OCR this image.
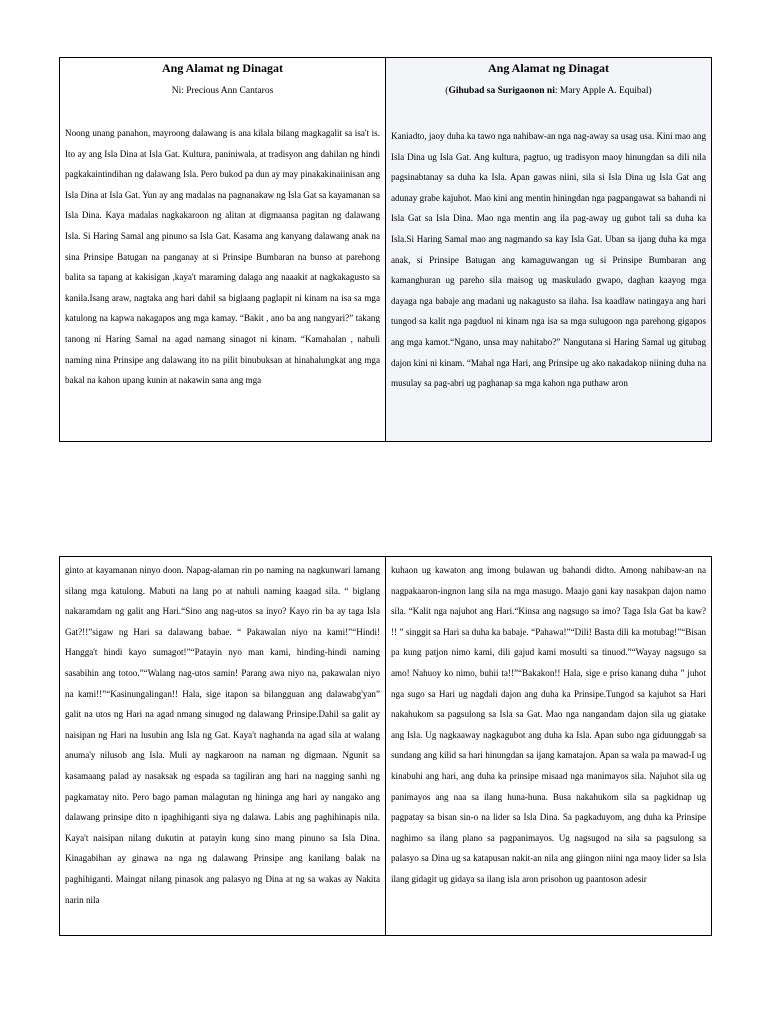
Ang Alamat ng Dinagat
Ni: Precious Ann Cantaros

Noong unang panahon, mayroong dalawang is ana kilala bilang magkagalit sa isa't is. Ito ay ang Isla Dina at Isla Gat. Kultura, paniniwala, at tradisyon ang dahilan ng hindi pagkakaintindihan ng dalawang Isla. Pero bukod pa dun ay may pinakakinaiinisan ang Isla Dina at Isla Gat. Yun ay ang madalas na pagnanakaw ng Isla Gat sa kayamanan sa Isla Dina. Kaya madalas nagkakaroon ng alitan at digmaansa pagitan ng dalawang Isla. Si Haring Samal ang pinuno sa Isla Gat. Kasama ang kanyang dalawang anak na sina Prinsipe Batugan na panganay at si Prinsipe Bumbaran na bunso at parehong balita sa tapang at kakisigan ,kaya't maraming dalaga ang naaakit at nagkakagusto sa kanila.Isang araw, nagtaka ang hari dahil sa biglaang paglapit ni kinam na isa sa mga katulong na kapwa nakagapos ang mga kamay. “Bakit , ano ba ang nangyari?” takang tanong ni Haring Samal na agad namang sinagot ni kinam. “Kamahalan , nahuli naming nina Prinsipe ang dalawang ito na pilit binubuksan at hinahalungkat ang mga bakal na kahon upang kunin at nakawin sana ang mga

Ang Alamat ng Dinagat
(Gihubad sa Surigaonon ni: Mary Apple A. Equibal)

Kaniadto, jaoy duha ka tawo nga nahibaw-an nga nag-away sa usag usa. Kini mao ang Isla Dina ug Isla Gat. Ang kultura, pagtuo, ug tradisyon maoy hinungdan sa dili nila pagsinabtanay sa duha ka Isla. Apan gawas niini, sila si Isla Dina ug Isla Gat ang adunay grabe kajuhot. Mao kini ang mentin hiningdan nga pagpangawat sa bahandi ni Isla Gat sa Isla Dina. Mao nga mentin ang ila pag-away ug gubot tali sa duha ka Isla.Si Haring Samal mao ang nagmando sa kay Isla Gat. Uban sa ijang duha ka mga anak, si Prinsipe Batugan ang kamaguwangan ug si Prinsipe Bumbaran ang kamanghuran ug pareho sila maisog ug maskulado gwapo, daghan kaayog mga dayaga nga babaje ang madani ug nakagusto sa ilaha. Isa kaadlaw natingaya ang hari tungod sa kalit nga pagduol ni kinam nga isa sa mga sulugoon nga parehong gigapos ang mga kamot.“Ngano, unsa may nahitabo?” Nangutana si Haring Samal ug gitubag dajon kini ni kinam. “Mahal nga Hari, ang Prinsipe ug ako nakadakop niining duha na musulay sa pag-abri ug paghanap sa mga kahon nga puthaw aron

ginto at kayamanan ninyo doon. Napag-alaman rin po naming na nagkunwari lamang silang mga katulong. Mabuti na lang po at nahuli naming kaagad sila. “ biglang nakaramdam ng galit ang Hari.“Sino ang nag-utos sa inyo? Kayo rin ba ay taga Isla Gat?!!”sigaw ng Hari sa dalawang babae. “ Pakawalan niyo na kami!”“Hindi! Hangga't hindi kayo sumagot!”“Patayin nyo man kami, hinding-hindi naming sasabihin ang totoo.”“Walang nag-utos samin! Parang awa niyo na, pakawalan niyo na kami!!”“Kasinungalingan!! Hala, sige itapon sa bilangguan ang dalawabg'yan” galit na utos ng Hari na agad nmang sinugod ng dalawang Prinsipe.Dahil sa galit ay naisipan ng Hari na lusubin ang Isla ng Gat. Kaya't naghanda na agad sila at walang anuma'y nilusob ang Isla. Muli ay nagkaroon na naman ng digmaan. Ngunit sa kasamaang palad ay nasaksak ng espada sa tagiliran ang hari na nagging sanhi ng pagkamatay nito. Pero bago paman malagutan ng hininga ang hari ay nangako ang dalawang prinsipe dito n ipaghihiganti siya ng dalawa. Labis ang paghihinapis nila. Kaya't naisipan nilang dukutin at patayin kung sino mang pinuno sa Isla Dina. Kinagabihan ay ginawa na nga ng dalawang Prinsipe ang kanilang balak na paghihiganti. Maingat nilang pinasok ang palasyo ng Dina at ng sa wakas ay Nakita narin nila

kuhaon ug kawaton ang imong bulawan ug bahandi didto. Among nahibaw-an na nagpakaaron-ingnon lang sila na mga masugo. Maajo gani kay nasakpan dajon namo sila. “Kalit nga najuhot ang Hari.“Kinsa ang nagsugo sa imo? Taga Isla Gat ba kaw? !! ” singgit sa Hari sa duha ka babaje. “Pahawa!”“Dili! Basta dili ka motubag!”“Bisan pa kung patjon nimo kami, dili gajud kami mosulti sa tinuod.”“Wayay nagsugo sa amo! Nahuoy ko nimo, buhii ta!!”“Bakakon!! Hala, sige e priso kanang duha ” juhot nga sugo sa Hari ug nagdali dajon ang duha ka Prinsipe.Tungod sa kajuhot sa Hari nakahukom sa pagsulong sa Isla sa Gat. Mao nga nangandam dajon sila ug giatake ang Isla. Ug nagkaaway nagkagubot ang duha ka Isla. Apan subo nga giduunggab sa sundang ang kilid sa hari hinungdan sa ijang kamatajon. Apan sa wala pa mawad-I ug kinabuhi ang hari, ang duha ka prinsipe misaad nga manimayos sila. Najuhot sila ug panimayos ang naa sa ilang huna-huna. Busa nakahukom sila sa pagkidnap ug pagpatay sa bisan sin-o na lider sa Isla Dina. Sa pagkaduyom, ang duha ka Prinsipe naghimo sa ilang plano sa pagpanimayos. Ug nagsugod na sila sa pagsulong sa palasyo sa Dina ug sa katapusan nakit-an nila ang giingon niini nga maoy lider sa Isla ilang gidagit ug gidaya sa ilang isla aron prisohon ug paantoson adesir
